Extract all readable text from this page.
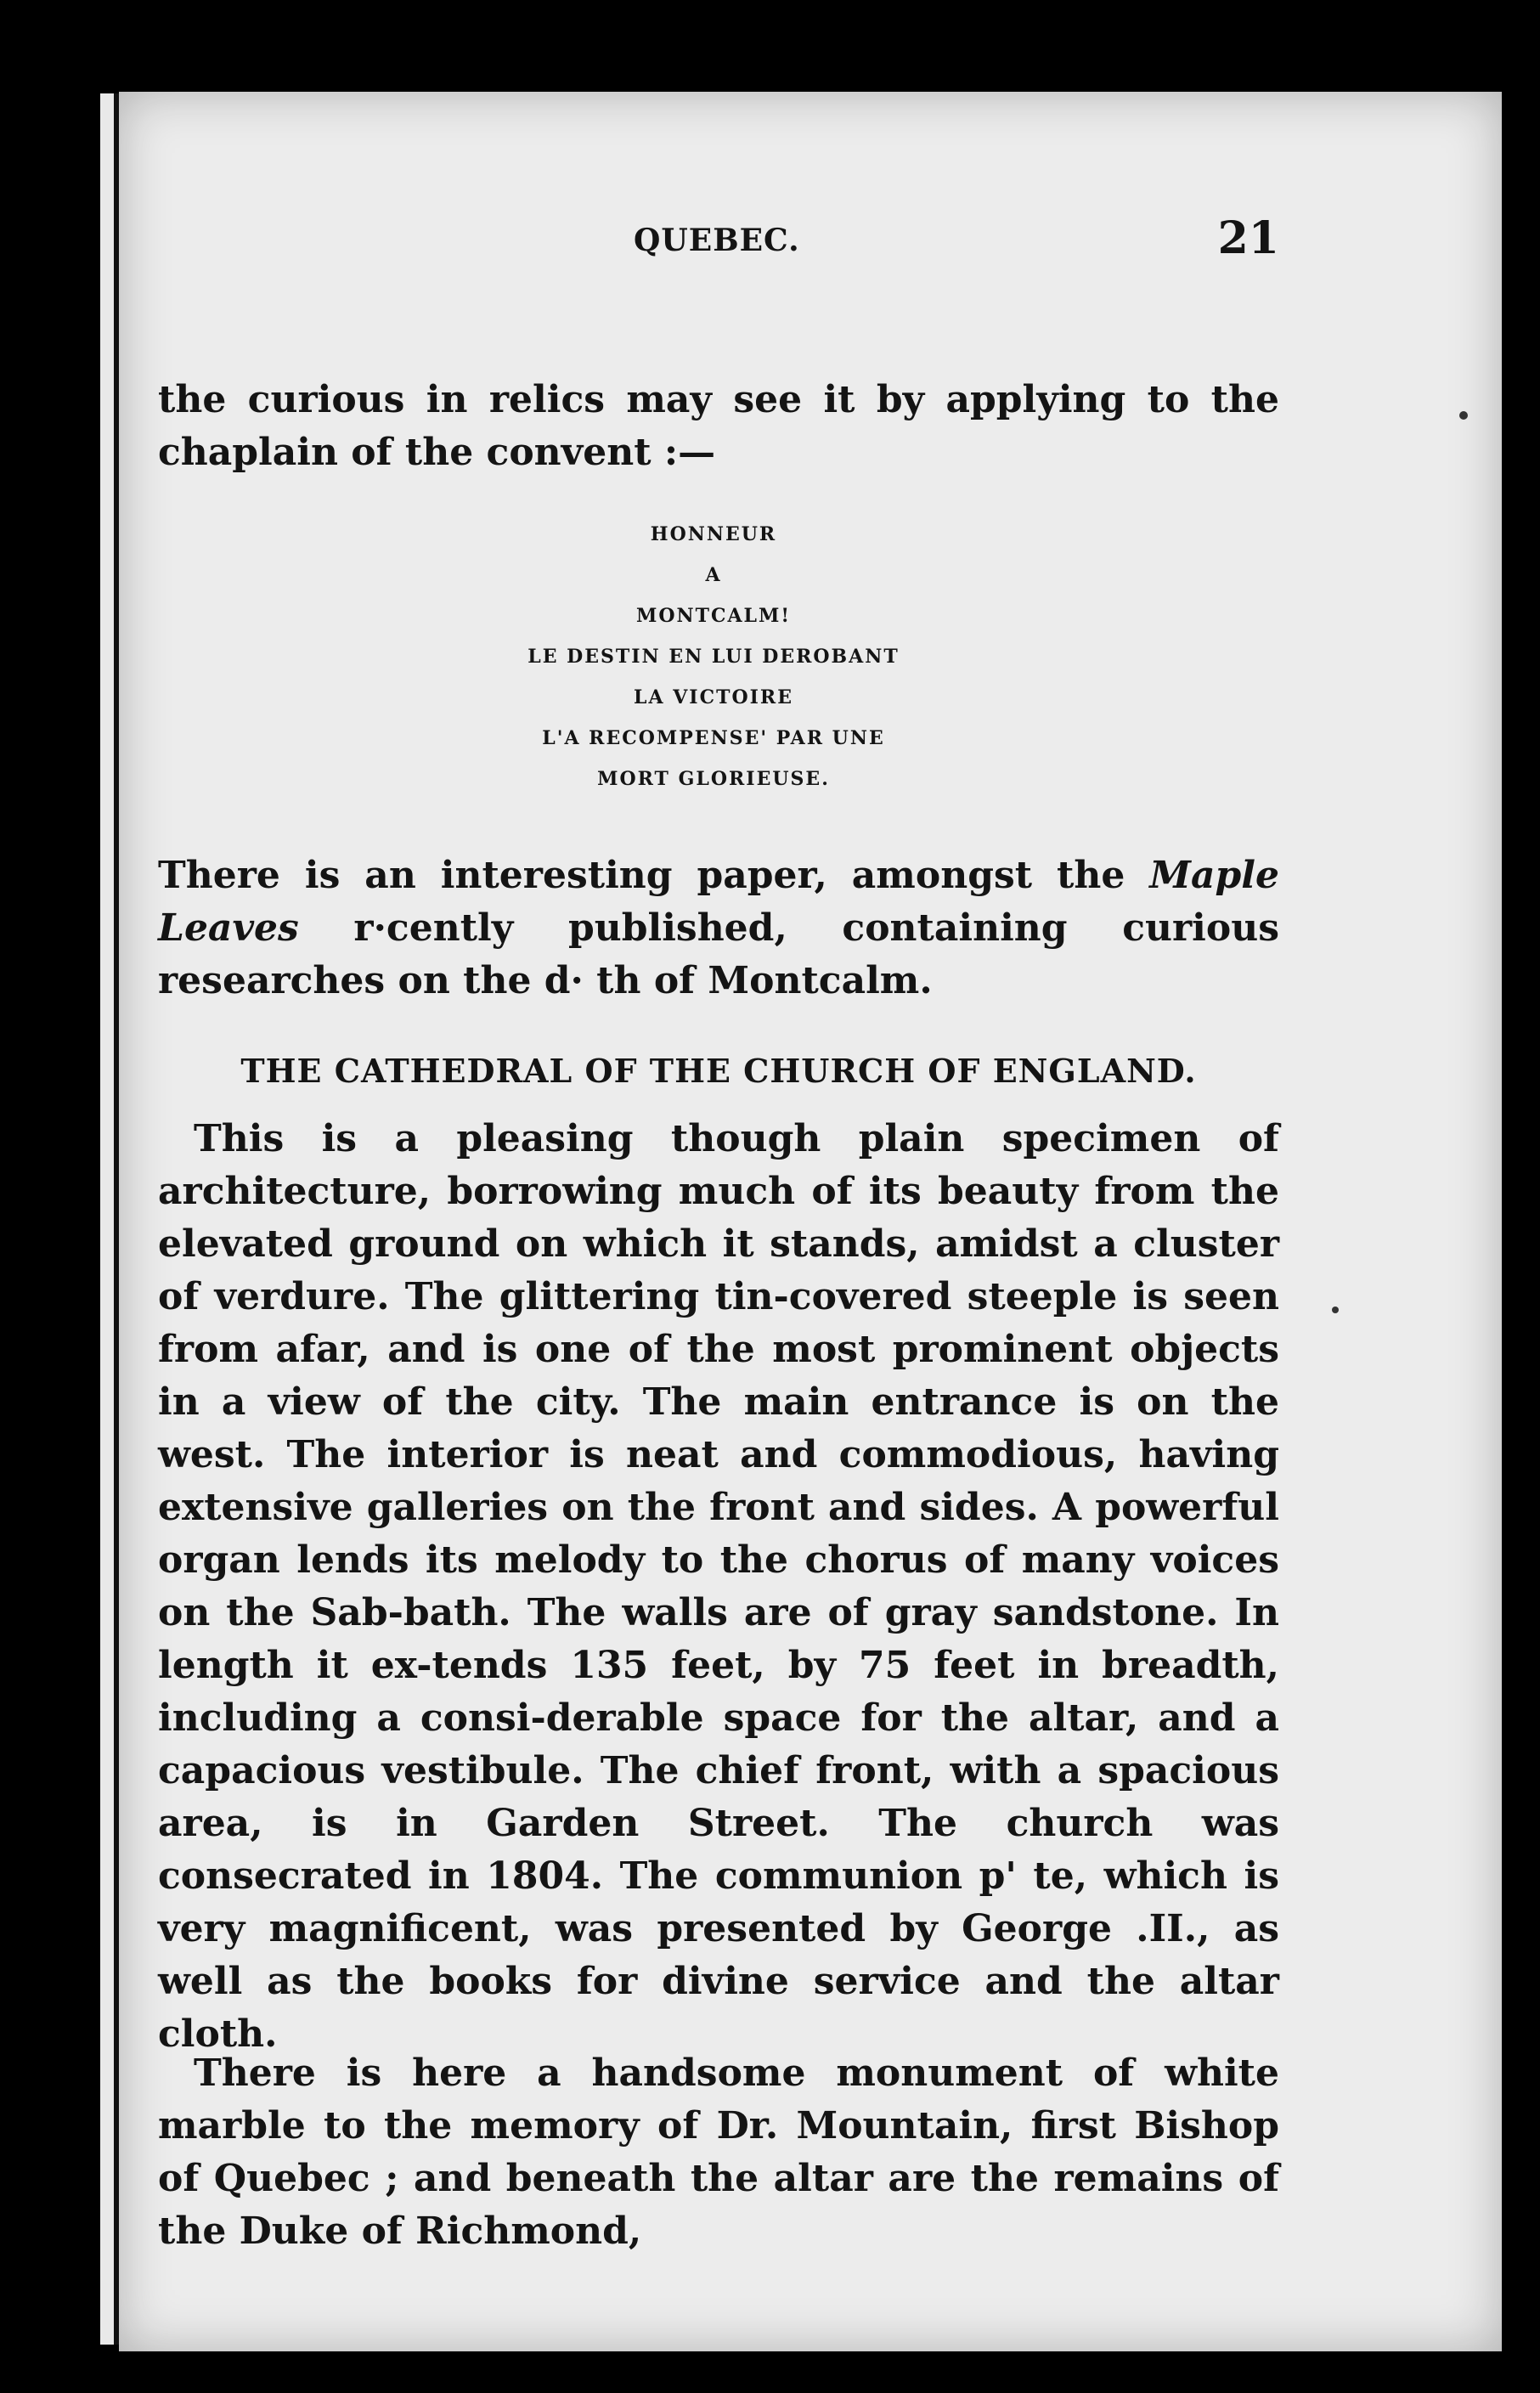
QUEBEC.	21

the curious in relics may see it by applying to the chaplain of the convent :—

HONNEUR
A
MONTCALM!
LE DESTIN EN LUI DEROBANT
LA VICTOIRE
L'A RECOMPENSE' PAR UNE
MORT GLORIEUSE.

There is an interesting paper, amongst the Maple Leaves r·cently published, containing curious researches on the d· th of Montcalm.

THE CATHEDRAL OF THE CHURCH OF ENGLAND.

This is a pleasing though plain specimen of architecture, borrowing much of its beauty from the elevated ground on which it stands, amidst a cluster of verdure. The glittering tin-covered steeple is seen from afar, and is one of the most prominent objects in a view of the city. The main entrance is on the west. The interior is neat and commodious, having extensive galleries on the front and sides. A powerful organ lends its melody to the chorus of many voices on the Sab-bath. The walls are of gray sandstone. In length it ex-tends 135 feet, by 75 feet in breadth, including a consi-derable space for the altar, and a capacious vestibule. The chief front, with a spacious area, is in Garden Street. The church was consecrated in 1804. The communion p' te, which is very magnificent, was presented by George .II., as well as the books for divine service and the altar cloth.

There is here a handsome monument of white marble to the memory of Dr. Mountain, first Bishop of Quebec ; and beneath the altar are the remains of the Duke of Richmond,
